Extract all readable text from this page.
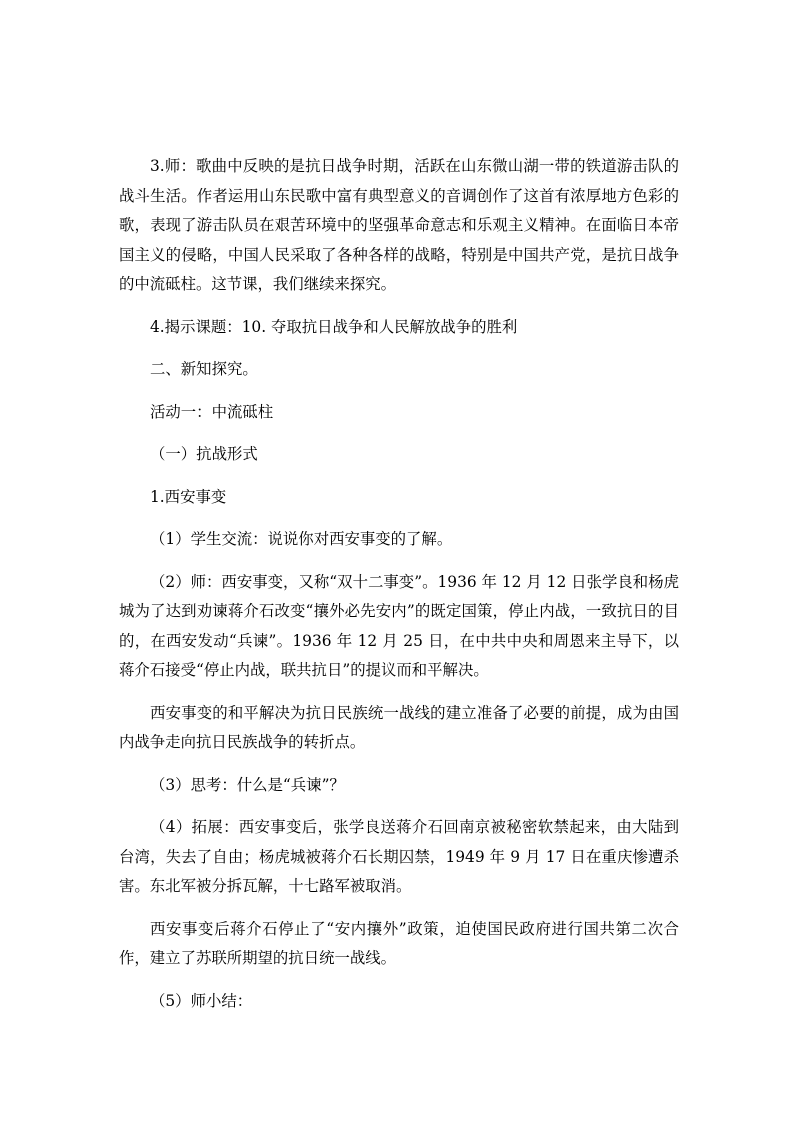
3.师：歌曲中反映的是抗日战争时期，活跃在山东微山湖一带的铁道游击队的战斗生活。作者运用山东民歌中富有典型意义的音调创作了这首有浓厚地方色彩的歌，表现了游击队员在艰苦环境中的坚强革命意志和乐观主义精神。在面临日本帝国主义的侵略，中国人民采取了各种各样的战略，特别是中国共产党，是抗日战争的中流砥柱。这节课，我们继续来探究。

4.揭示课题：10. 夺取抗日战争和人民解放战争的胜利

二、新知探究。

活动一：中流砥柱

（一）抗战形式

1.西安事变

（1）学生交流：说说你对西安事变的了解。

（2）师：西安事变，又称“双十二事变”。1936 年 12 月 12 日张学良和杨虎城为了达到劝谏蒋介石改变“攘外必先安内”的既定国策，停止内战，一致抗日的目的，在西安发动“兵谏”。1936 年 12 月 25 日，在中共中央和周恩来主导下，以蒋介石接受“停止内战，联共抗日”的提议而和平解决。

西安事变的和平解决为抗日民族统一战线的建立准备了必要的前提，成为由国内战争走向抗日民族战争的转折点。

（3）思考：什么是“兵谏”？

（4）拓展：西安事变后，张学良送蒋介石回南京被秘密软禁起来，由大陆到台湾，失去了自由；杨虎城被蒋介石长期囚禁，1949 年 9 月 17 日在重庆惨遭杀害。东北军被分拆瓦解，十七路军被取消。

西安事变后蒋介石停止了“安内攘外”政策，迫使国民政府进行国共第二次合作，建立了苏联所期望的抗日统一战线。

（5）师小结：
